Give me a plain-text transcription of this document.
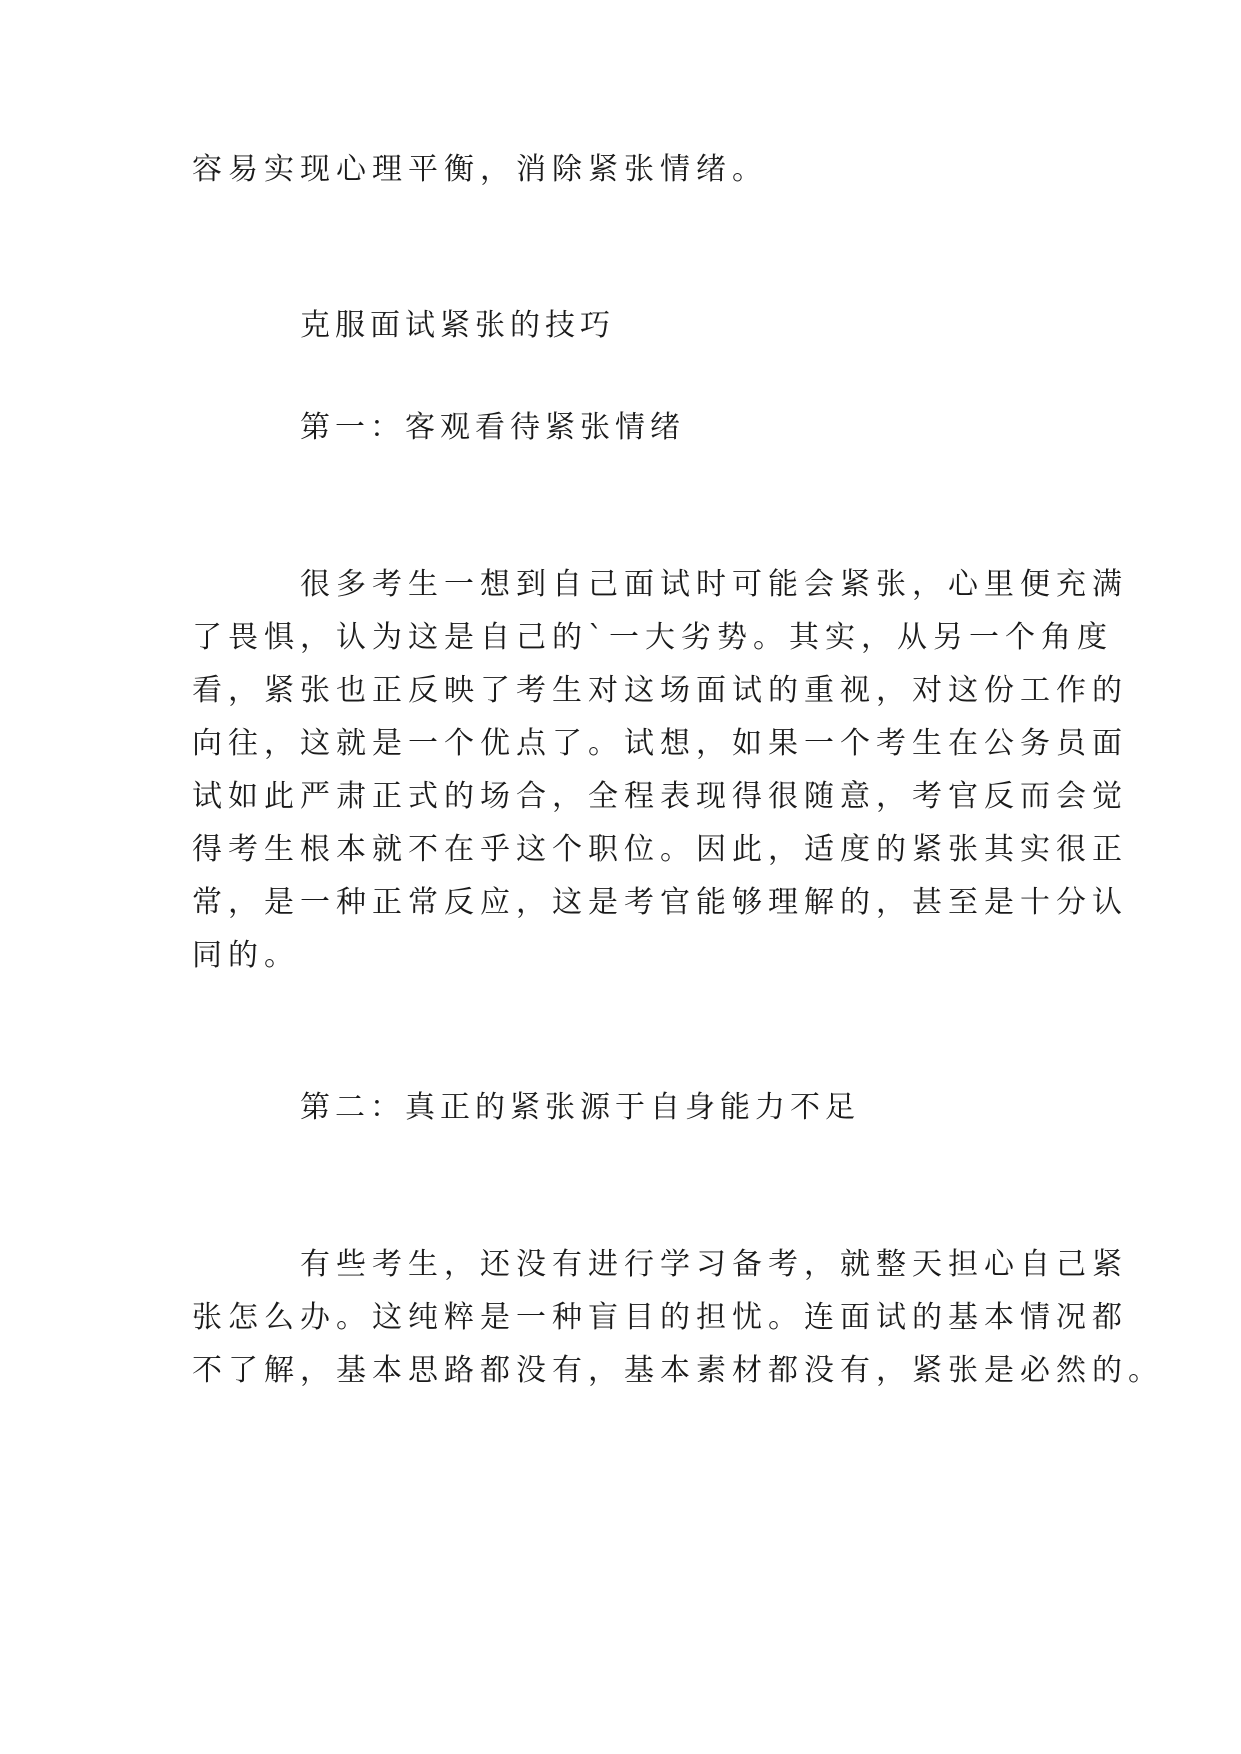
容易实现心理平衡，消除紧张情绪。

克服面试紧张的技巧

第一：客观看待紧张情绪

很多考生一想到自己面试时可能会紧张，心里便充满

了畏惧，认为这是自己的`一大劣势。其实，从另一个角度

看，紧张也正反映了考生对这场面试的重视，对这份工作的

向往，这就是一个优点了。试想，如果一个考生在公务员面

试如此严肃正式的场合，全程表现得很随意，考官反而会觉

得考生根本就不在乎这个职位。因此，适度的紧张其实很正

常，是一种正常反应，这是考官能够理解的，甚至是十分认

同的。

第二：真正的紧张源于自身能力不足

有些考生，还没有进行学习备考，就整天担心自己紧

张怎么办。这纯粹是一种盲目的担忧。连面试的基本情况都

不了解，基本思路都没有，基本素材都没有，紧张是必然的。
